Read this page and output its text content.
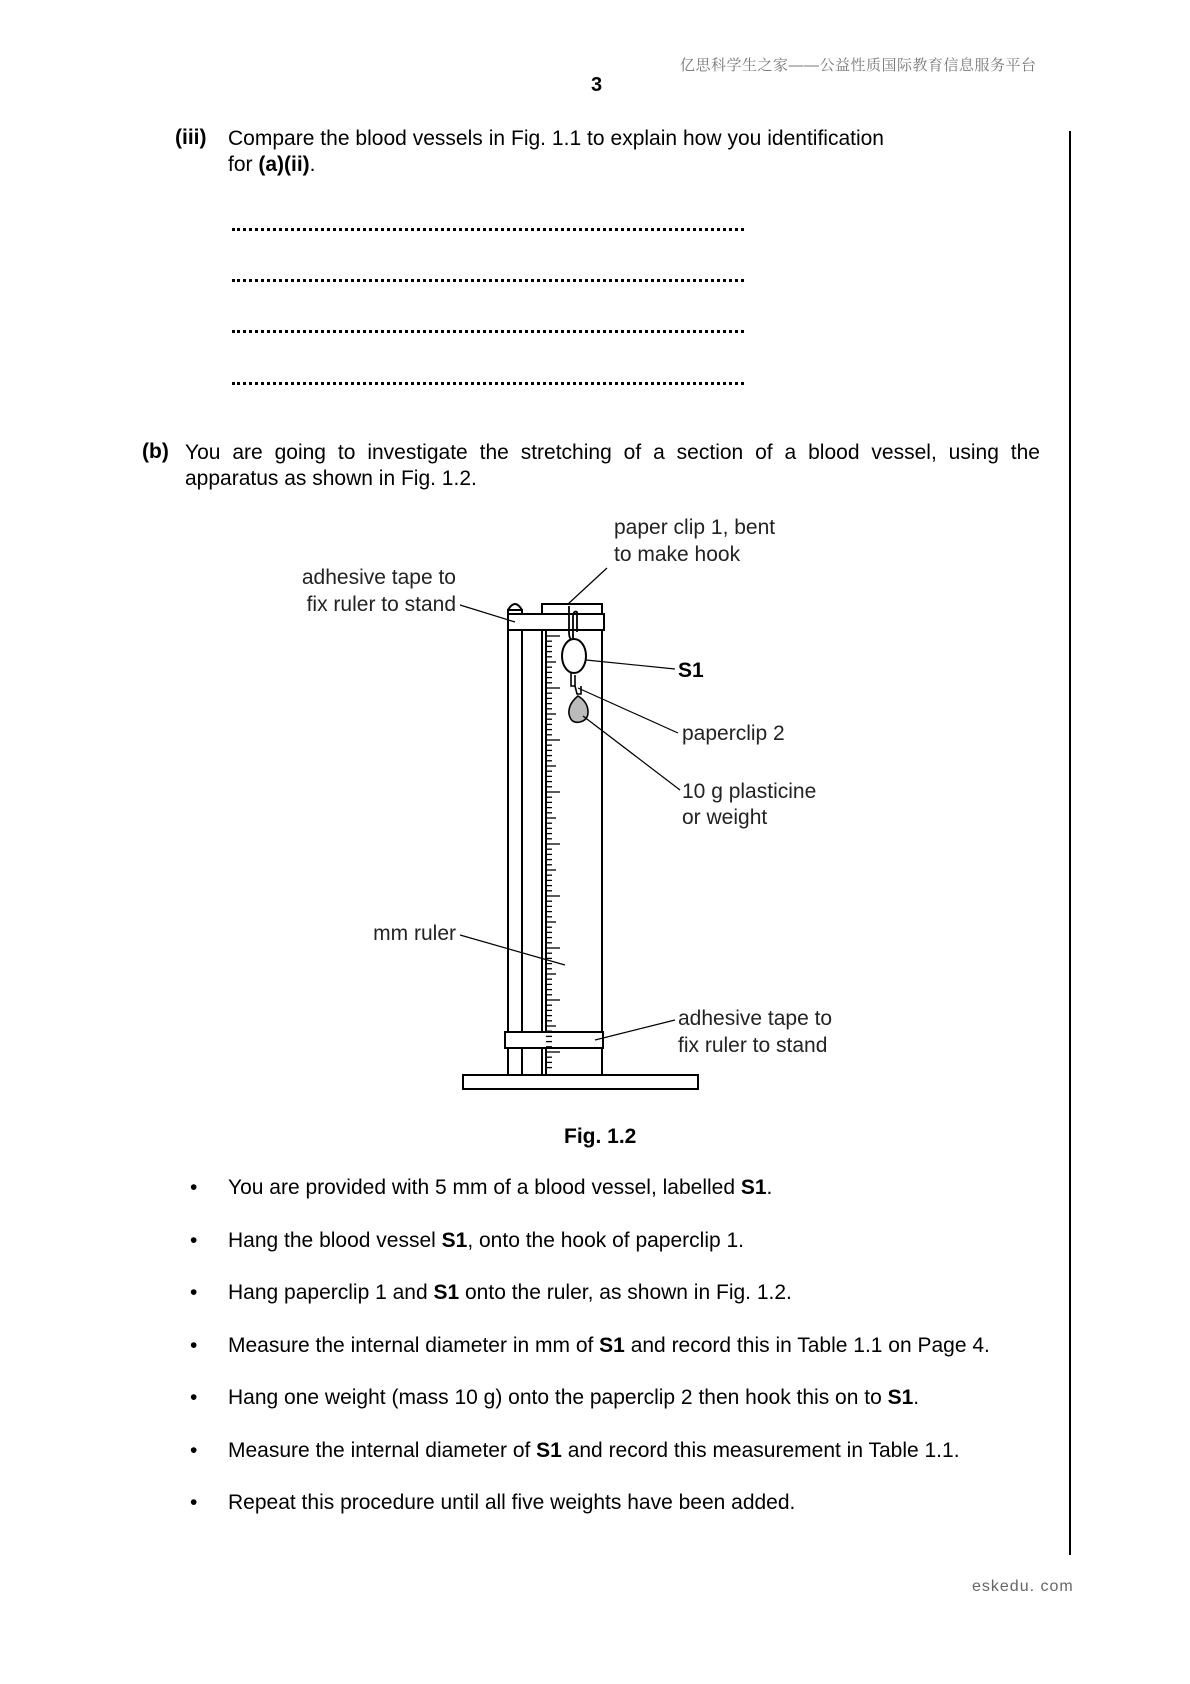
亿思科学生之家——公益性质国际教育信息服务平台
3
(iii) Compare the blood vessels in Fig. 1.1 to explain how you identification for (a)(ii).
(b) You are going to investigate the stretching of a section of a blood vessel, using the apparatus as shown in Fig. 1.2.
paper clip 1, bent
to make hook
adhesive tape to
fix ruler to stand
S1
paperclip 2
10 g plasticine
or weight
mm ruler
adhesive tape to
fix ruler to stand
Fig. 1.2
• You are provided with 5 mm of a blood vessel, labelled S1.
• Hang the blood vessel S1, onto the hook of paperclip 1.
• Hang paperclip 1 and S1 onto the ruler, as shown in Fig. 1.2.
• Measure the internal diameter in mm of S1 and record this in Table 1.1 on Page 4.
• Hang one weight (mass 10 g) onto the paperclip 2 then hook this on to S1.
• Measure the internal diameter of S1 and record this measurement in Table 1.1.
• Repeat this procedure until all five weights have been added.
eskedu. com
